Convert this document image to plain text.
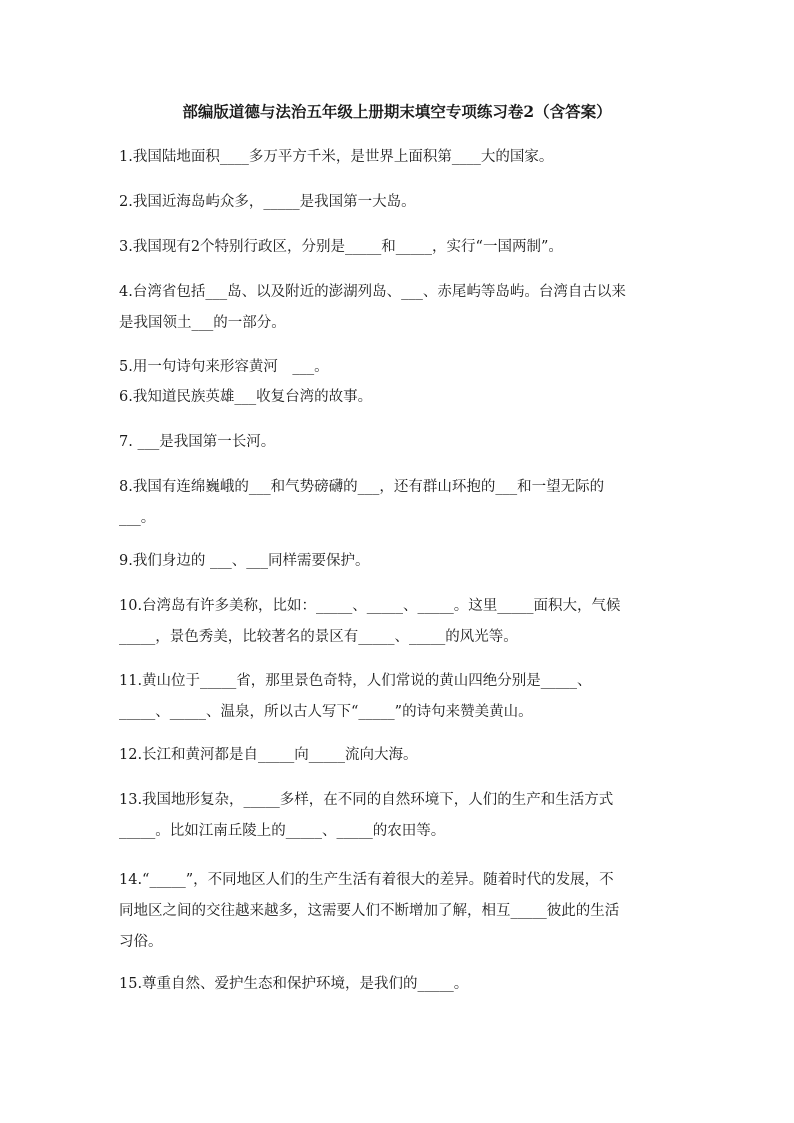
部编版道德与法治五年级上册期末填空专项练习卷2（含答案）
1.我国陆地面积____多万平方千米，是世界上面积第____大的国家。
2.我国近海岛屿众多，_____是我国第一大岛。
3.我国现有2个特别行政区，分别是_____和_____，实行“一国两制”。
4.台湾省包括___岛、以及附近的澎湖列岛、___、赤尾屿等岛屿。台湾自古以来
是我国领土___的一部分。
5.用一句诗句来形容黄河　___。
6.我知道民族英雄___收复台湾的故事。
7. ___是我国第一长河。
8.我国有连绵巍峨的___和气势磅礴的___，还有群山环抱的___和一望无际的
___。
9.我们身边的 ___、___同样需要保护。
10.台湾岛有许多美称，比如：_____、_____、_____。这里_____面积大，气候
_____，景色秀美，比较著名的景区有_____、_____的风光等。
11.黄山位于_____省，那里景色奇特，人们常说的黄山四绝分别是_____、
_____、_____、温泉，所以古人写下“_____”的诗句来赞美黄山。
12.长江和黄河都是自_____向_____流向大海。
13.我国地形复杂，_____多样，在不同的自然环境下，人们的生产和生活方式
_____。比如江南丘陵上的_____、_____的农田等。
14.“_____”，不同地区人们的生产生活有着很大的差异。随着时代的发展，不
同地区之间的交往越来越多，这需要人们不断增加了解，相互_____彼此的生活
习俗。
15.尊重自然、爱护生态和保护环境，是我们的_____。
